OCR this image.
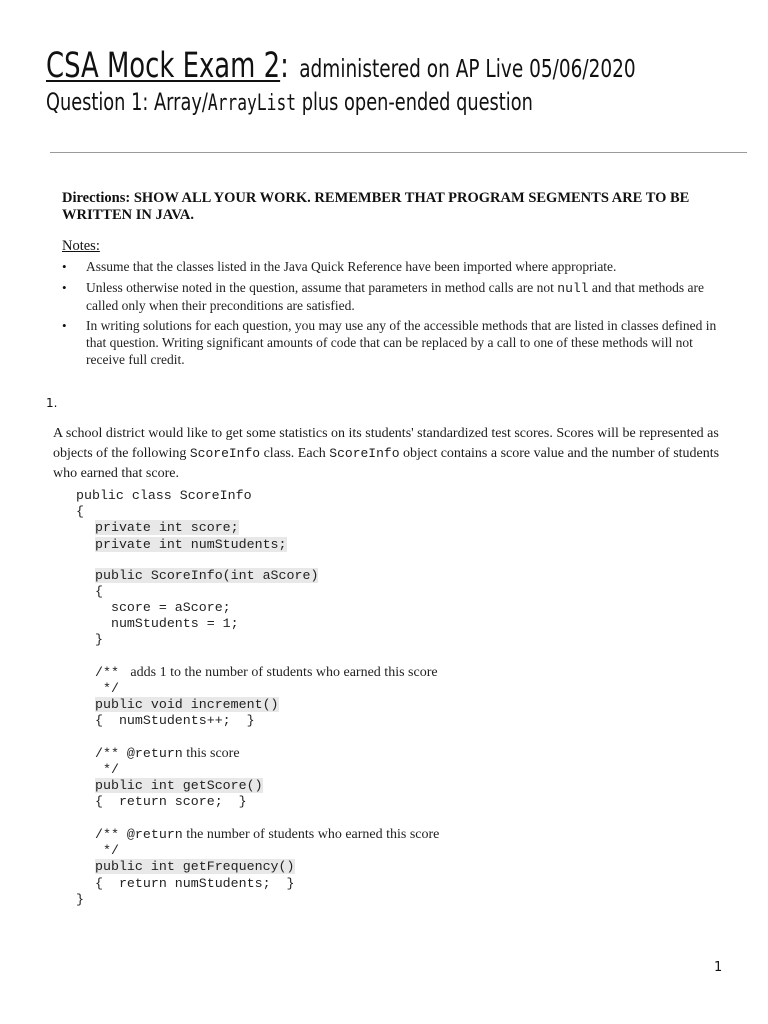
CSA Mock Exam 2: administered on AP Live 05/06/2020
Question 1: Array/ArrayList plus open-ended question
Directions: SHOW ALL YOUR WORK. REMEMBER THAT PROGRAM SEGMENTS ARE TO BE WRITTEN IN JAVA.
Notes:
• Assume that the classes listed in the Java Quick Reference have been imported where appropriate.
• Unless otherwise noted in the question, assume that parameters in method calls are not null and that methods are called only when their preconditions are satisfied.
• In writing solutions for each question, you may use any of the accessible methods that are listed in classes defined in that question. Writing significant amounts of code that can be replaced by a call to one of these methods will not receive full credit.
1.
A school district would like to get some statistics on its students' standardized test scores. Scores will be represented as objects of the following ScoreInfo class. Each ScoreInfo object contains a score value and the number of students who earned that score.
public class ScoreInfo
{
private int score;
private int numStudents;
public ScoreInfo(int aScore)
{
score = aScore;
numStudents = 1;
}
/**  adds 1 to the number of students who earned this score
*/
public void increment()
{  numStudents++;  }
/** @return this score
*/
public int getScore()
{  return score;  }
/** @return the number of students who earned this score
*/
public int getFrequency()
{  return numStudents;  }
}
1
